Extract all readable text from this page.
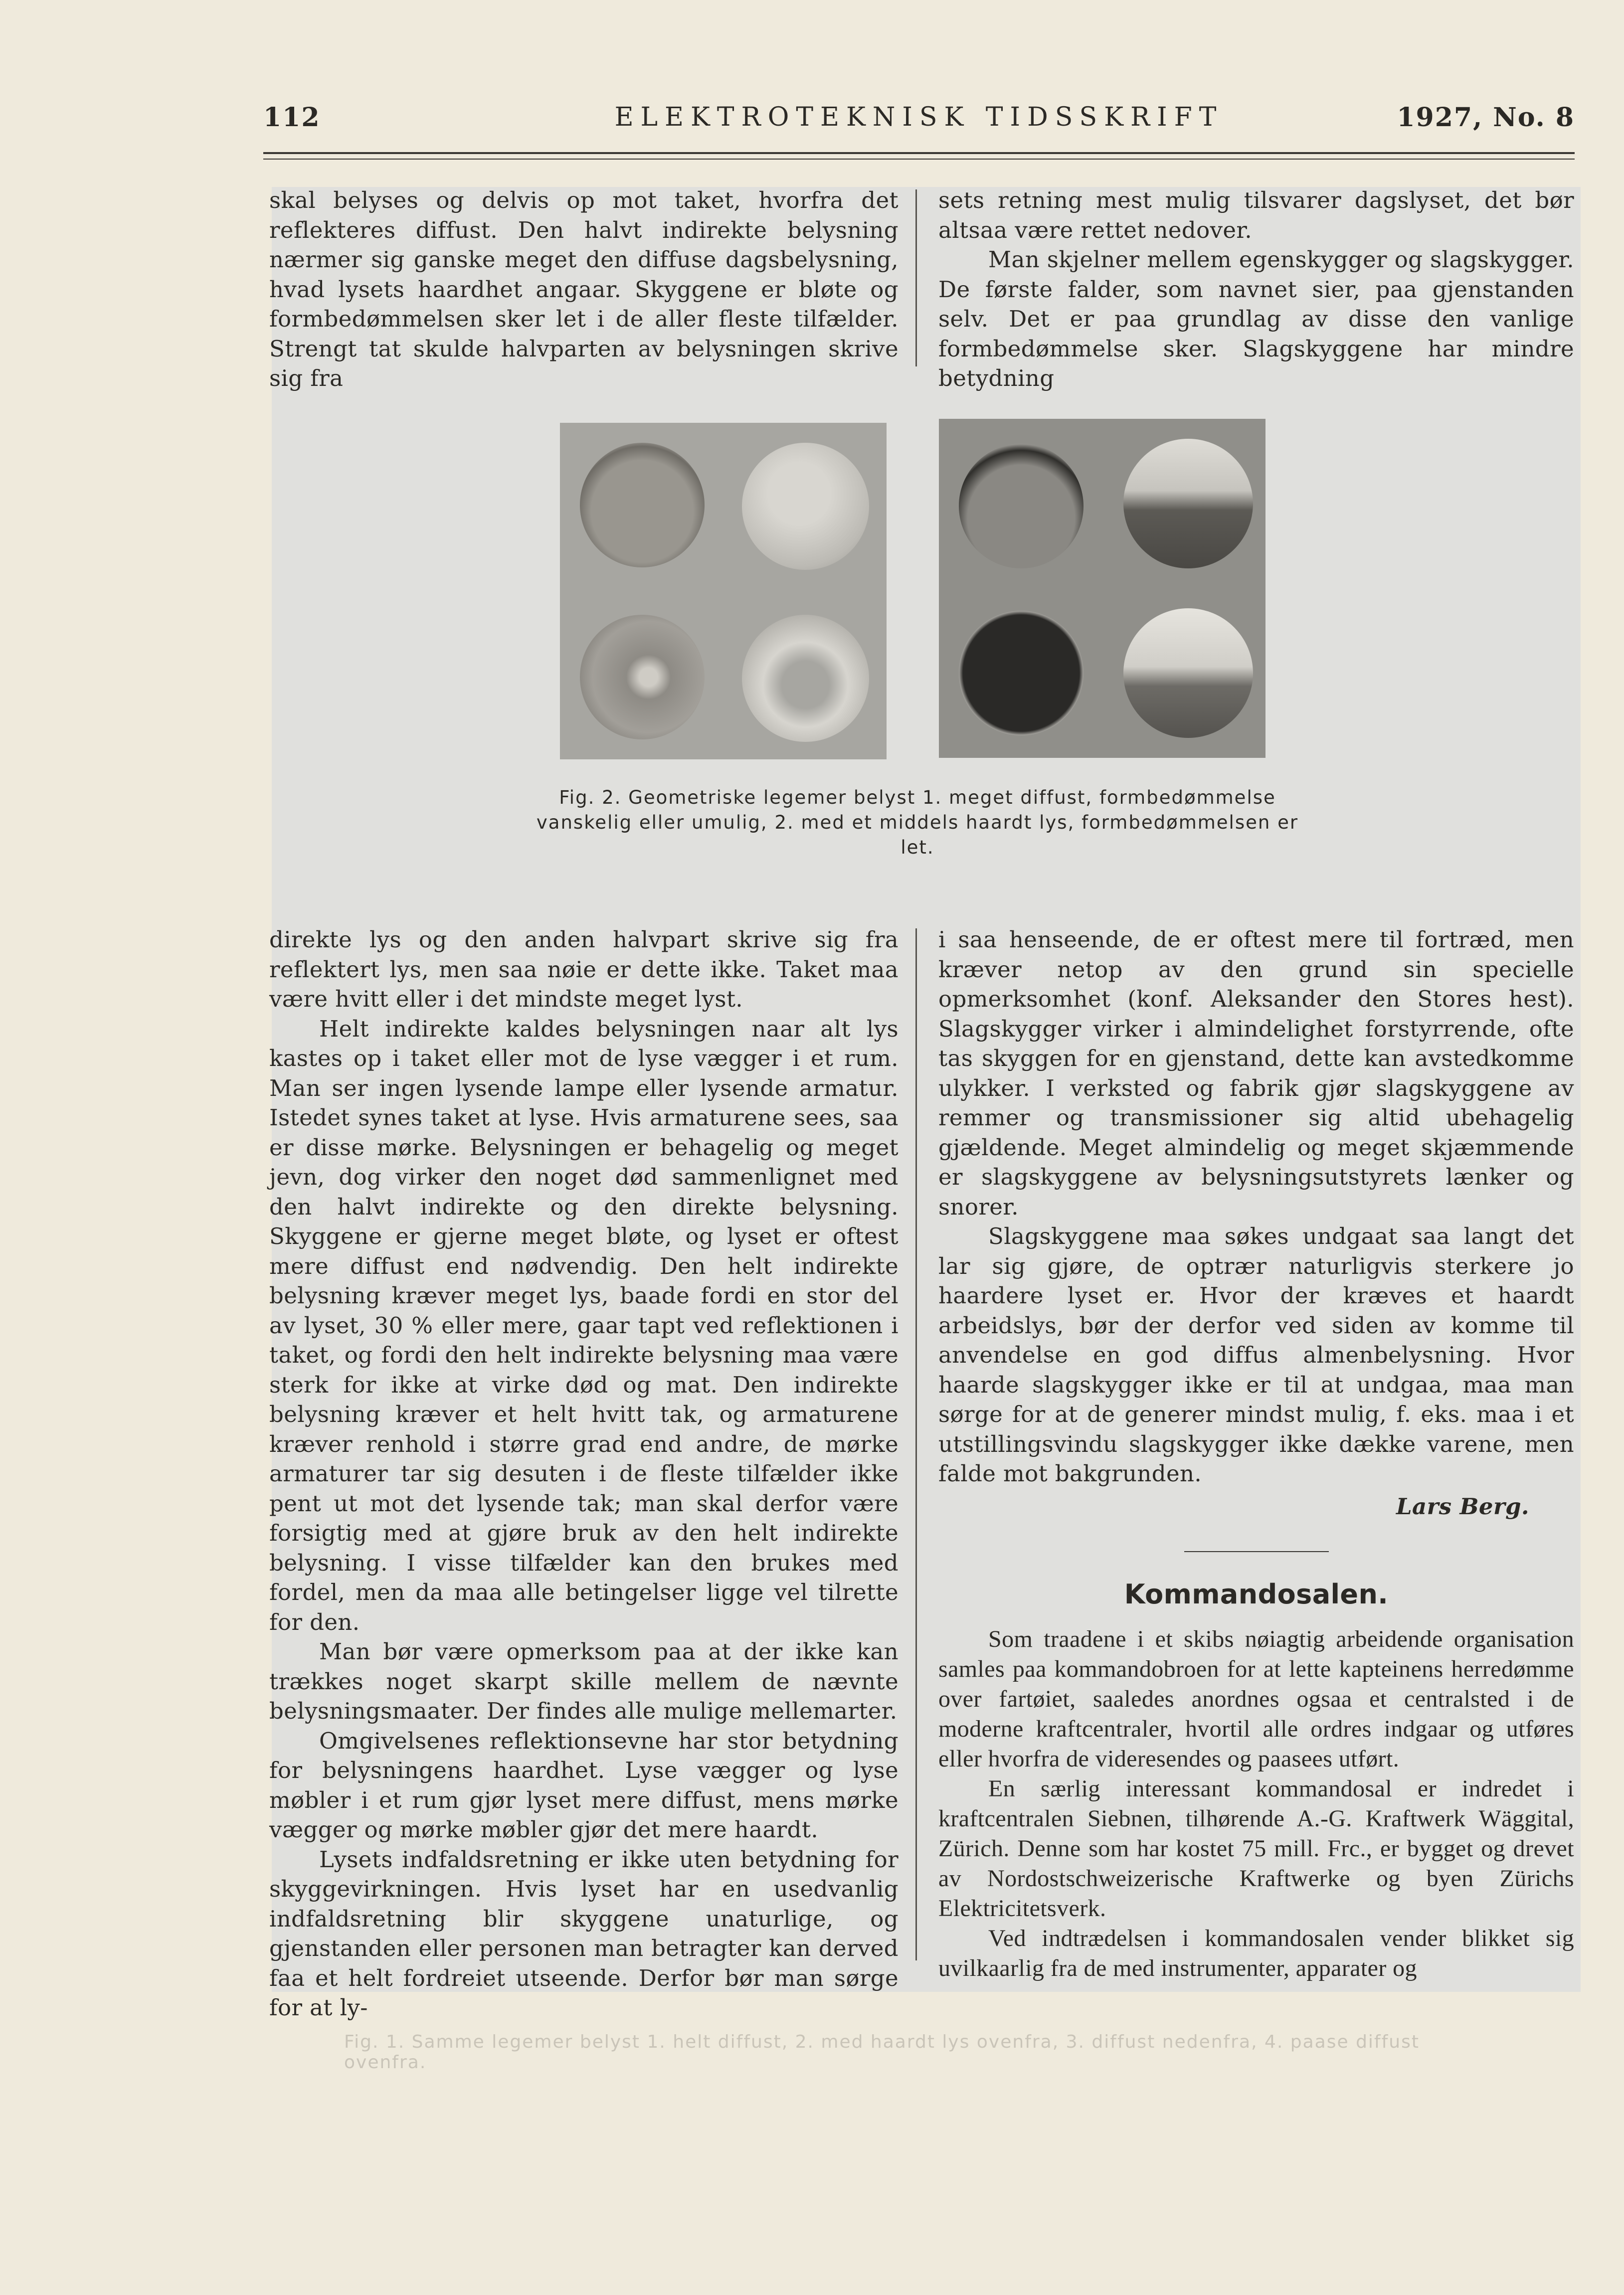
ELEKTROTEKNISK TIDSSKRIFT
112	1927, No. 8

skal belyses og delvis op mot taket, hvorfra det reflekteres diffust. Den halvt indirekte belysning nærmer sig ganske meget den diffuse dagsbelysning, hvad lysets haardhet angaar. Skyggene er bløte og formbedømmelsen sker let i de aller fleste tilfælder. Strengt tat skulde halvparten av belysningen skrive sig fra

sets retning mest mulig tilsvarer dagslyset, det bør altsaa være rettet nedover.

Man skjelner mellem egenskygger og slagskygger. De første falder, som navnet sier, paa gjenstanden selv. Det er paa grundlag av disse den vanlige formbedømmelse sker. Slagskyggene har mindre betydning

Fig. 2. Geometriske legemer belyst 1. meget diffust, formbedømmelse vanskelig eller umulig, 2. med et middels haardt lys, formbedømmelsen er let.

direkte lys og den anden halvpart skrive sig fra reflektert lys, men saa nøie er dette ikke. Taket maa være hvitt eller i det mindste meget lyst.

Helt indirekte kaldes belysningen naar alt lys kastes op i taket eller mot de lyse vægger i et rum. Man ser ingen lysende lampe eller lysende armatur. Istedet synes taket at lyse. Hvis armaturene sees, saa er disse mørke. Belysningen er behagelig og meget jevn, dog virker den noget død sammenlignet med den halvt indirekte og den direkte belysning. Skyggene er gjerne meget bløte, og lyset er oftest mere diffust end nødvendig. Den helt indirekte belysning kræver meget lys, baade fordi en stor del av lyset, 30 % eller mere, gaar tapt ved reflektionen i taket, og fordi den helt indirekte belysning maa være sterk for ikke at virke død og mat. Den indirekte belysning kræver et helt hvitt tak, og armaturene kræver renhold i større grad end andre, de mørke armaturer tar sig desuten i de fleste tilfælder ikke pent ut mot det lysende tak; man skal derfor være forsigtig med at gjøre bruk av den helt indirekte belysning. I visse tilfælder kan den brukes med fordel, men da maa alle betingelser ligge vel tilrette for den.

Man bør være opmerksom paa at der ikke kan trækkes noget skarpt skille mellem de nævnte belysningsmaater. Der findes alle mulige mellemarter.

Omgivelsenes reflektionsevne har stor betydning for belysningens haardhet. Lyse vægger og lyse møbler i et rum gjør lyset mere diffust, mens mørke vægger og mørke møbler gjør det mere haardt.

Lysets indfaldsretning er ikke uten betydning for skyggevirkningen. Hvis lyset har en usedvanlig indfaldsretning blir skyggene unaturlige, og gjenstanden eller personen man betragter kan derved faa et helt fordreiet utseende. Derfor bør man sørge for at ly-

i saa henseende, de er oftest mere til fortræd, men kræver netop av den grund sin specielle opmerksomhet (konf. Aleksander den Stores hest). Slagskygger virker i almindelighet forstyrrende, ofte tas skyggen for en gjenstand, dette kan avstedkomme ulykker. I verksted og fabrik gjør slagskyggene av remmer og transmissioner sig altid ubehagelig gjældende. Meget almindelig og meget skjæmmende er slagskyggene av belysningsutstyrets lænker og snorer.

Slagskyggene maa søkes undgaat saa langt det lar sig gjøre, de optrær naturligvis sterkere jo haardere lyset er. Hvor der kræves et haardt arbeidslys, bør der derfor ved siden av komme til anvendelse en god diffus almenbelysning. Hvor haarde slagskygger ikke er til at undgaa, maa man sørge for at de generer mindst mulig, f. eks. maa i et utstillingsvindu slagskygger ikke dække varene, men falde mot bakgrunden.

Lars Berg.

Kommandosalen.

Som traadene i et skibs nøiagtig arbeidende organisation samles paa kommandobroen for at lette kapteinens herredømme over fartøiet, saaledes anordnes ogsaa et centralsted i de moderne kraftcentraler, hvortil alle ordres indgaar og utføres eller hvorfra de videresendes og paasees utført.

En særlig interessant kommandosal er indredet i kraftcentralen Siebnen, tilhørende A.-G. Kraftwerk Wäggital, Zürich. Denne som har kostet 75 mill. Frc., er bygget og drevet av Nordostschweizerische Kraftwerke og byen Zürichs Elektricitetsverk.

Ved indtrædelsen i kommandosalen vender blikket sig uvilkaarlig fra de med instrumenter, apparater og

Fig. 1. Samme legemer belyst 1. helt diffust, 2. med haardt lys ovenfra, 3. diffust nedenfra, 4. paase diffust ovenfra.
